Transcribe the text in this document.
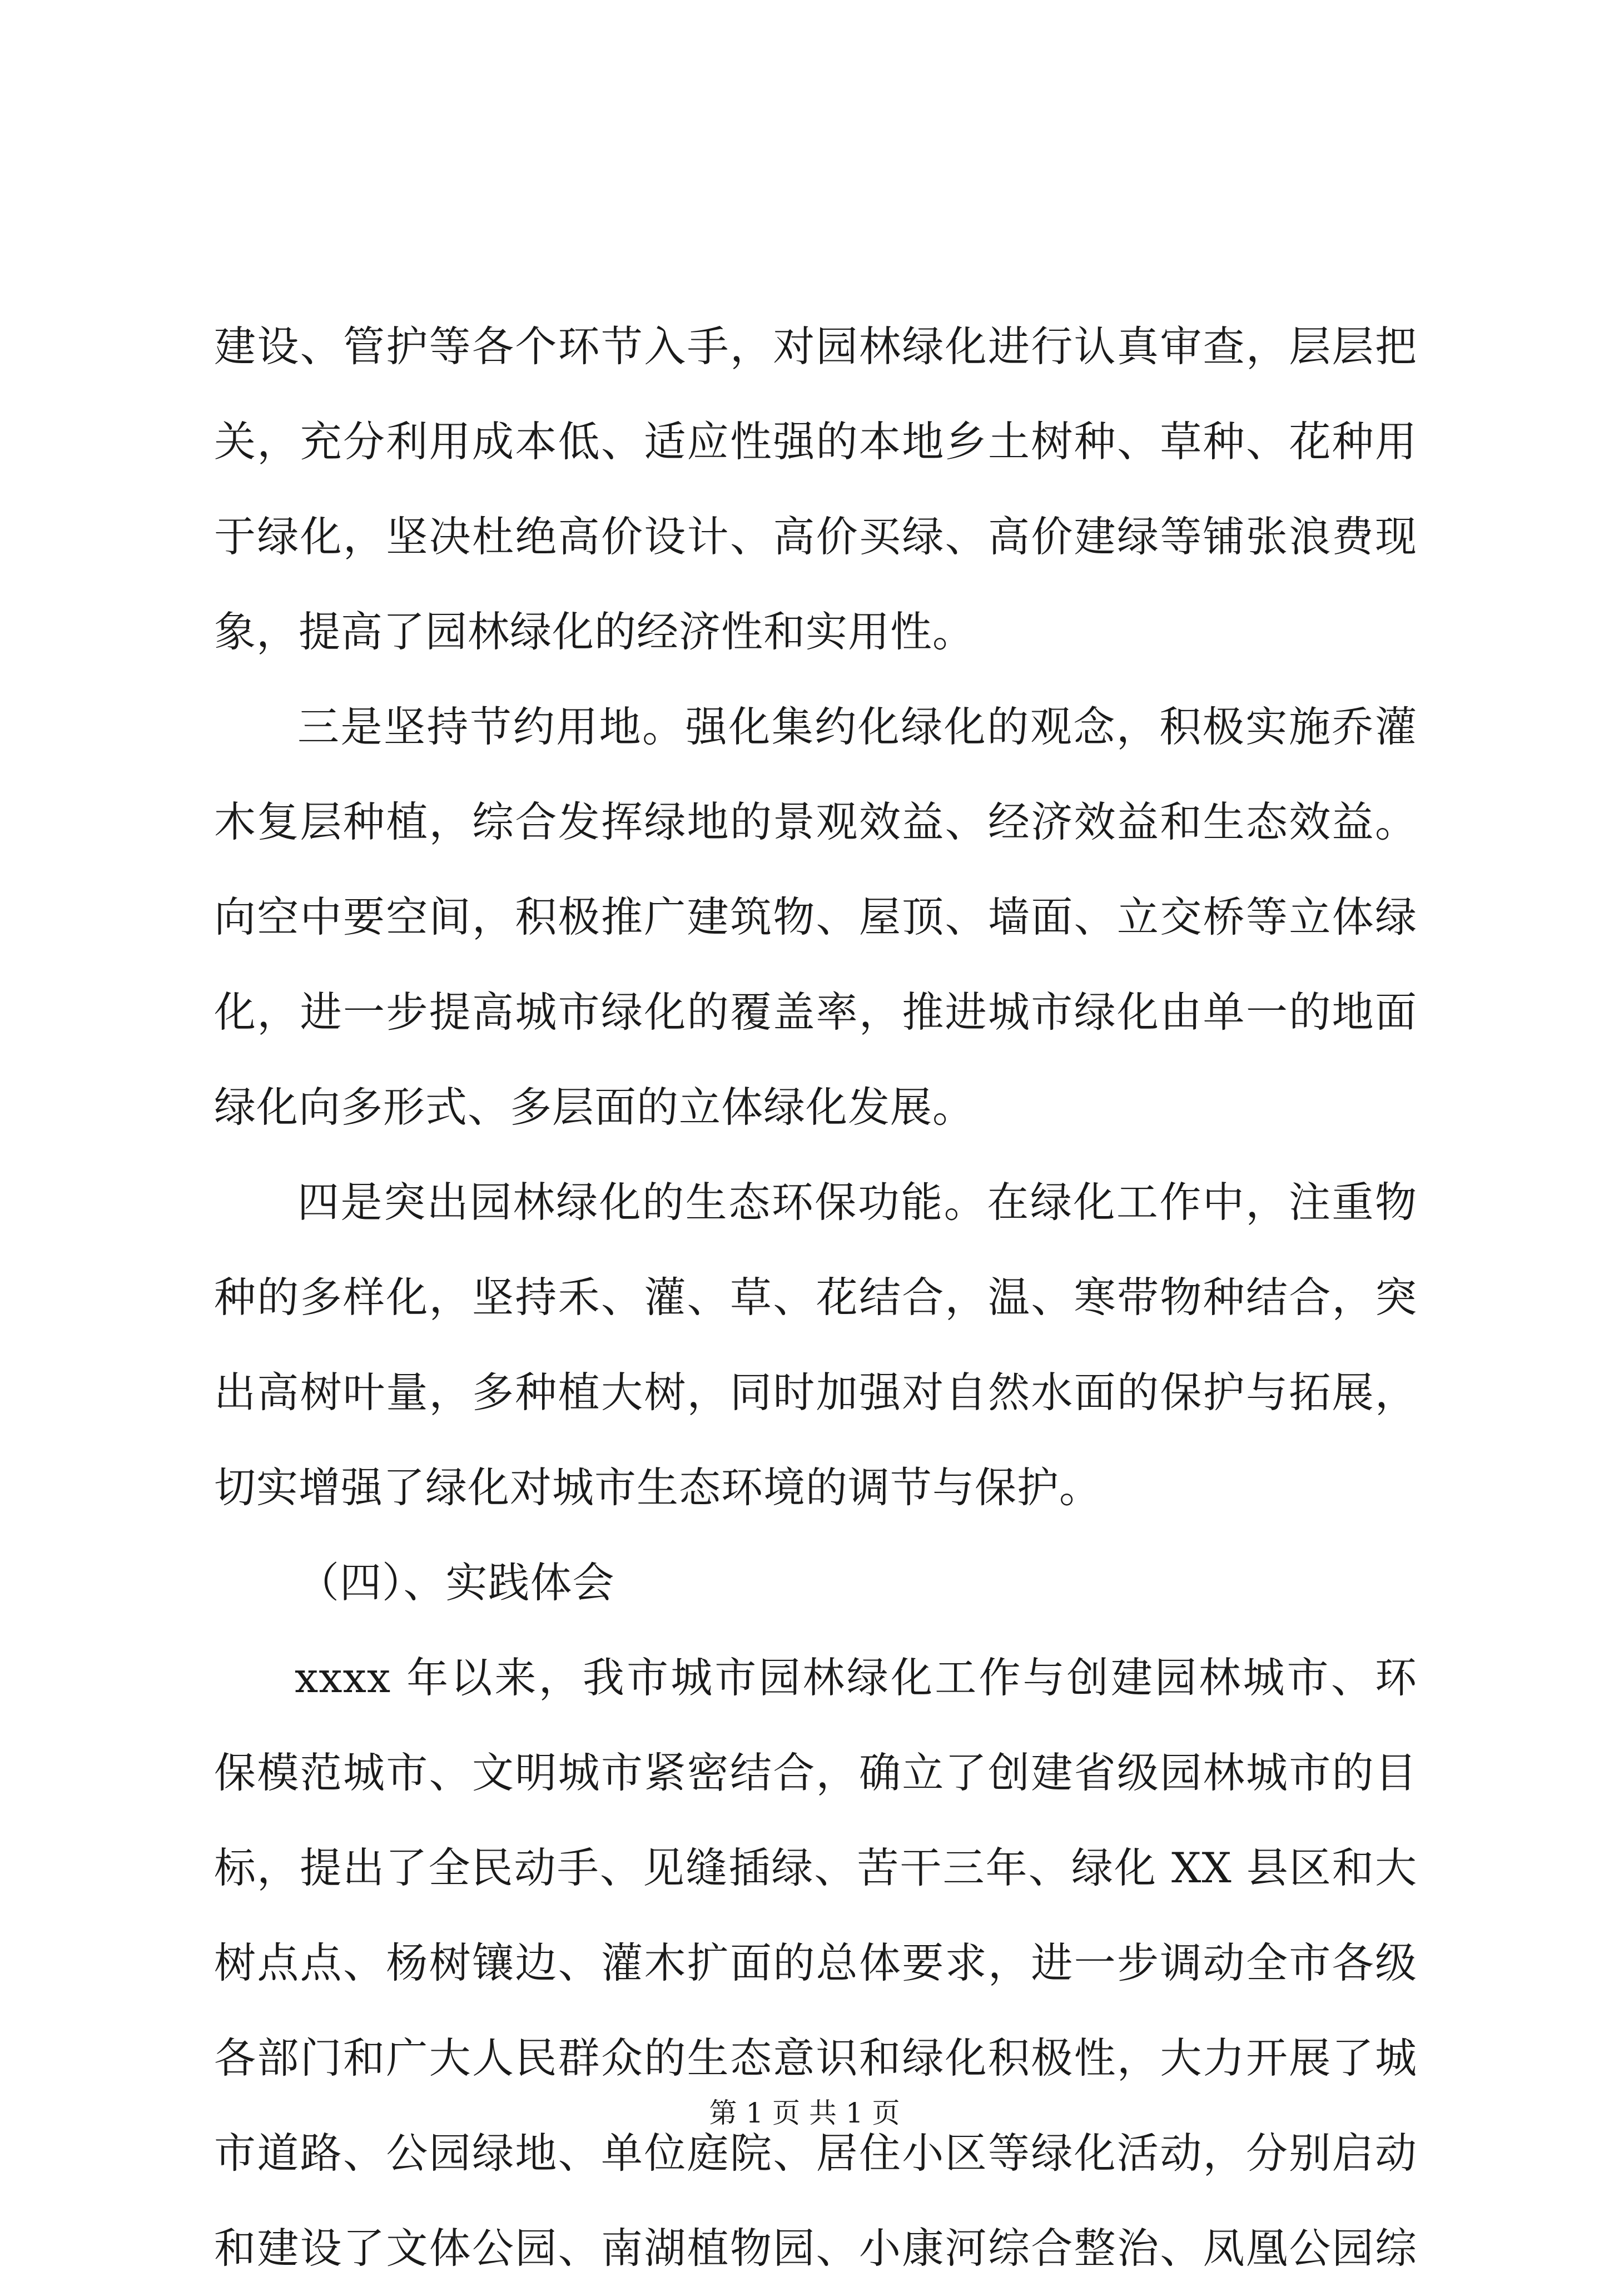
建设、管护等各个环节入手，对园林绿化进行认真审查，层层把
关，充分利用成本低、适应性强的本地乡土树种、草种、花种用
于绿化，坚决杜绝高价设计、高价买绿、高价建绿等铺张浪费现
象，提高了园林绿化的经济性和实用性。
三是坚持节约用地。强化集约化绿化的观念，积极实施乔灌
木复层种植，综合发挥绿地的景观效益、经济效益和生态效益。
向空中要空间，积极推广建筑物、屋顶、墙面、立交桥等立体绿
化，进一步提高城市绿化的覆盖率，推进城市绿化由单一的地面
绿化向多形式、多层面的立体绿化发展。
四是突出园林绿化的生态环保功能。在绿化工作中，注重物
种的多样化，坚持禾、灌、草、花结合，温、寒带物种结合，突
出高树叶量，多种植大树，同时加强对自然水面的保护与拓展，
切实增强了绿化对城市生态环境的调节与保护。
（四）、实践体会
xxxx 年以来，我市城市园林绿化工作与创建园林城市、环
保模范城市、文明城市紧密结合，确立了创建省级园林城市的目
标，提出了全民动手、见缝插绿、苦干三年、绿化 XX 县区和大
树点点、杨树镶边、灌木扩面的总体要求，进一步调动全市各级
各部门和广大人民群众的生态意识和绿化积极性，大力开展了城
市道路、公园绿地、单位庭院、居住小区等绿化活动，分别启动
和建设了文体公园、南湖植物园、小康河综合整治、凤凰公园综
第 1 页 共 1 页
